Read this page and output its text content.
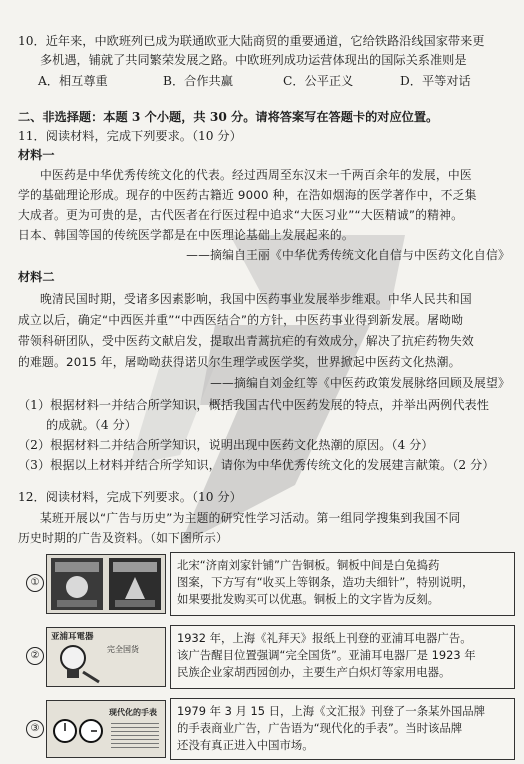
10．近年来，中欧班列已成为联通欧亚大陆商贸的重要通道，它给铁路沿线国家带来更
多机遇，铺就了共同繁荣发展之路。中欧班列成功运营体现出的国际关系准则是
A．相互尊重	B．合作共赢	C．公平正义	D．平等对话
二、非选择题：本题 3 个小题，共 30 分。请将答案写在答题卡的对应位置。
11．阅读材料，完成下列要求。（10 分）
材料一
中医药是中华优秀传统文化的代表。经过西周至东汉末一千两百余年的发展，中医
学的基础理论形成。现存的中医药古籍近 9000 种，在浩如烟海的医学著作中，不乏集
大成者。更为可贵的是，古代医者在行医过程中追求“大医习业”“大医精诚”的精神。
日本、韩国等国的传统医学都是在中医理论基础上发展起来的。
——摘编自王丽《中华优秀传统文化自信与中医药文化自信》
材料二
晚清民国时期，受诸多因素影响，我国中医药事业发展举步维艰。中华人民共和国
成立以后，确定“中西医并重”“中西医结合”的方针，中医药事业得到新发展。屠呦呦
带领科研团队，受中医药文献启发，提取出青蒿抗疟的有效成分，解决了抗疟药物失效
的难题。2015 年，屠呦呦获得诺贝尔生理学或医学奖，世界掀起中医药文化热潮。
——摘编自刘金红等《中医药政策发展脉络回顾及展望》
（1）根据材料一并结合所学知识，概括我国古代中医药发展的特点，并举出两例代表性
的成就。（4 分）
（2）根据材料二并结合所学知识，说明出现中医药文化热潮的原因。（4 分）
（3）根据以上材料并结合所学知识，请你为中华优秀传统文化的发展建言献策。（2 分）
12．阅读材料，完成下列要求。（10 分）
某班开展以“广告与历史”为主题的研究性学习活动。第一组同学搜集到我国不同
历史时期的广告及资料。（如下图所示）
①
北宋“济南刘家针铺”广告铜板。铜板中间是白兔捣药
图案，下方写有“收买上等钢条，造功夫细针”，特别说明，
如果要批发购买可以优惠。铜板上的文字皆为反刻。
②
亚浦耳電器
完全国货
1932 年，上海《礼拜天》报纸上刊登的亚浦耳电器广告。
该广告醒目位置强调“完全国货”。亚浦耳电器厂是 1923 年
民族企业家胡西园创办，主要生产白炽灯等家用电器。
③
现代化的手表 1979 年 3 月 15 日，上海《文汇报》刊登了一条某外国品牌
的手表商业广告，广告语为“现代化的手表”。当时该品牌
还没有真正进入中国市场。
